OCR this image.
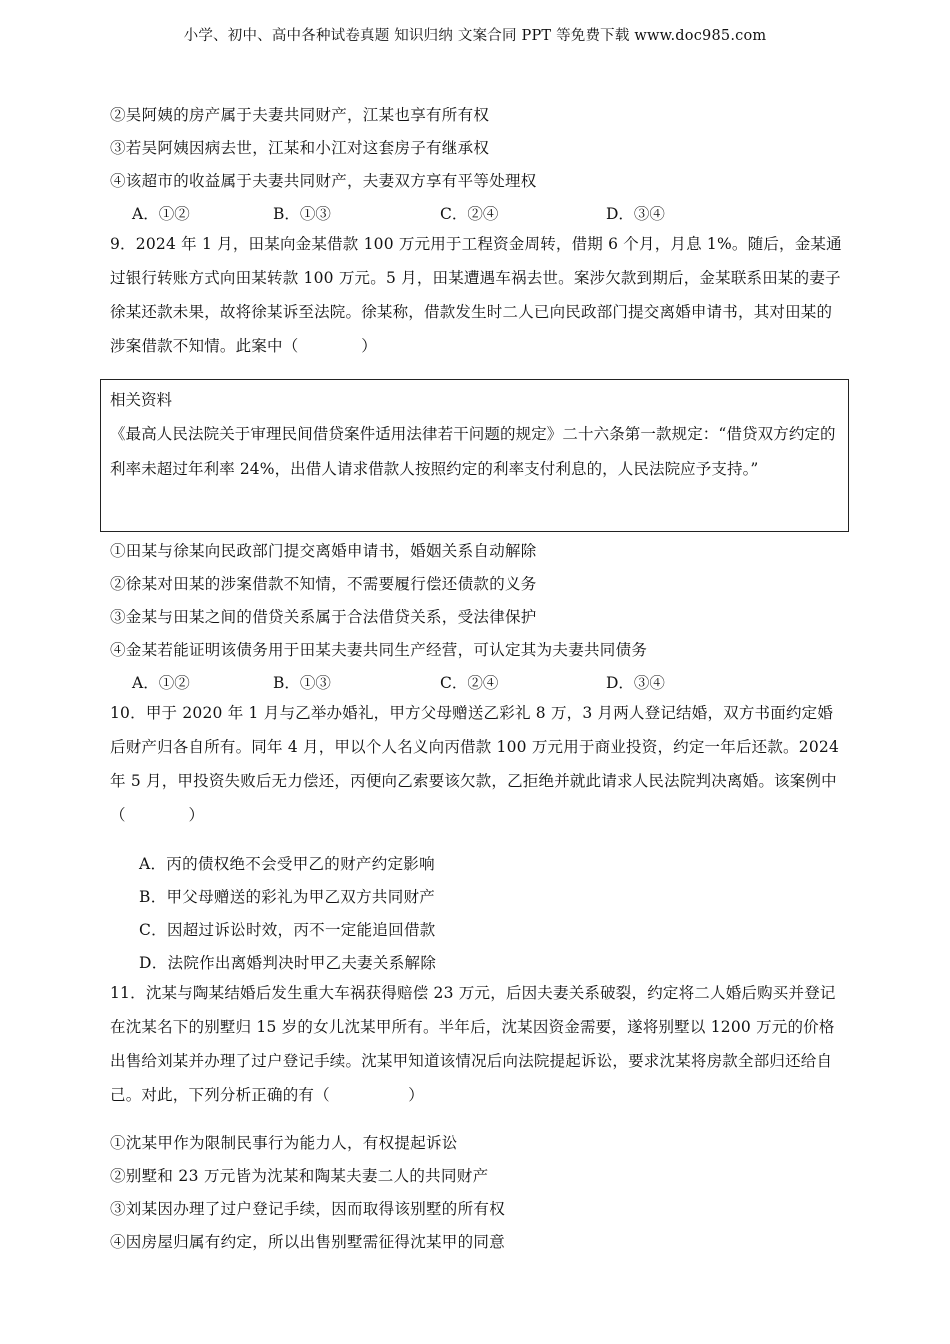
小学、初中、高中各种试卷真题 知识归纳 文案合同 PPT 等免费下载 www.doc985.com
②吴阿姨的房产属于夫妻共同财产，江某也享有所有权
③若吴阿姨因病去世，江某和小江对这套房子有继承权
④该超市的收益属于夫妻共同财产，夫妻双方享有平等处理权
A．①②	B．①③	C．②④	D．③④
9．2024 年 1 月，田某向金某借款 100 万元用于工程资金周转，借期 6 个月，月息 1%。随后，金某通过银行转账方式向田某转款 100 万元。5 月，田某遭遇车祸去世。案涉欠款到期后，金某联系田某的妻子徐某还款未果，故将徐某诉至法院。徐某称，借款发生时二人已向民政部门提交离婚申请书，其对田某的涉案借款不知情。此案中（　　　　）
相关资料
《最高人民法院关于审理民间借贷案件适用法律若干问题的规定》二十六条第一款规定：“借贷双方约定的利率未超过年利率 24%，出借人请求借款人按照约定的利率支付利息的，人民法院应予支持。”
①田某与徐某向民政部门提交离婚申请书，婚姻关系自动解除
②徐某对田某的涉案借款不知情，不需要履行偿还债款的义务
③金某与田某之间的借贷关系属于合法借贷关系，受法律保护
④金某若能证明该债务用于田某夫妻共同生产经营，可认定其为夫妻共同债务
A．①②	B．①③	C．②④	D．③④
10．甲于 2020 年 1 月与乙举办婚礼，甲方父母赠送乙彩礼 8 万，3 月两人登记结婚，双方书面约定婚后财产归各自所有。同年 4 月，甲以个人名义向丙借款 100 万元用于商业投资，约定一年后还款。2024 年 5 月，甲投资失败后无力偿还，丙便向乙索要该欠款，乙拒绝并就此请求人民法院判决离婚。该案例中（　　　　）
A．丙的债权绝不会受甲乙的财产约定影响
B．甲父母赠送的彩礼为甲乙双方共同财产
C．因超过诉讼时效，丙不一定能追回借款
D．法院作出离婚判决时甲乙夫妻关系解除
11．沈某与陶某结婚后发生重大车祸获得赔偿 23 万元，后因夫妻关系破裂，约定将二人婚后购买并登记在沈某名下的别墅归 15 岁的女儿沈某甲所有。半年后，沈某因资金需要，遂将别墅以 1200 万元的价格出售给刘某并办理了过户登记手续。沈某甲知道该情况后向法院提起诉讼，要求沈某将房款全部归还给自己。对此，下列分析正确的有（　　　　　）
①沈某甲作为限制民事行为能力人，有权提起诉讼
②别墅和 23 万元皆为沈某和陶某夫妻二人的共同财产
③刘某因办理了过户登记手续，因而取得该别墅的所有权
④因房屋归属有约定，所以出售别墅需征得沈某甲的同意
